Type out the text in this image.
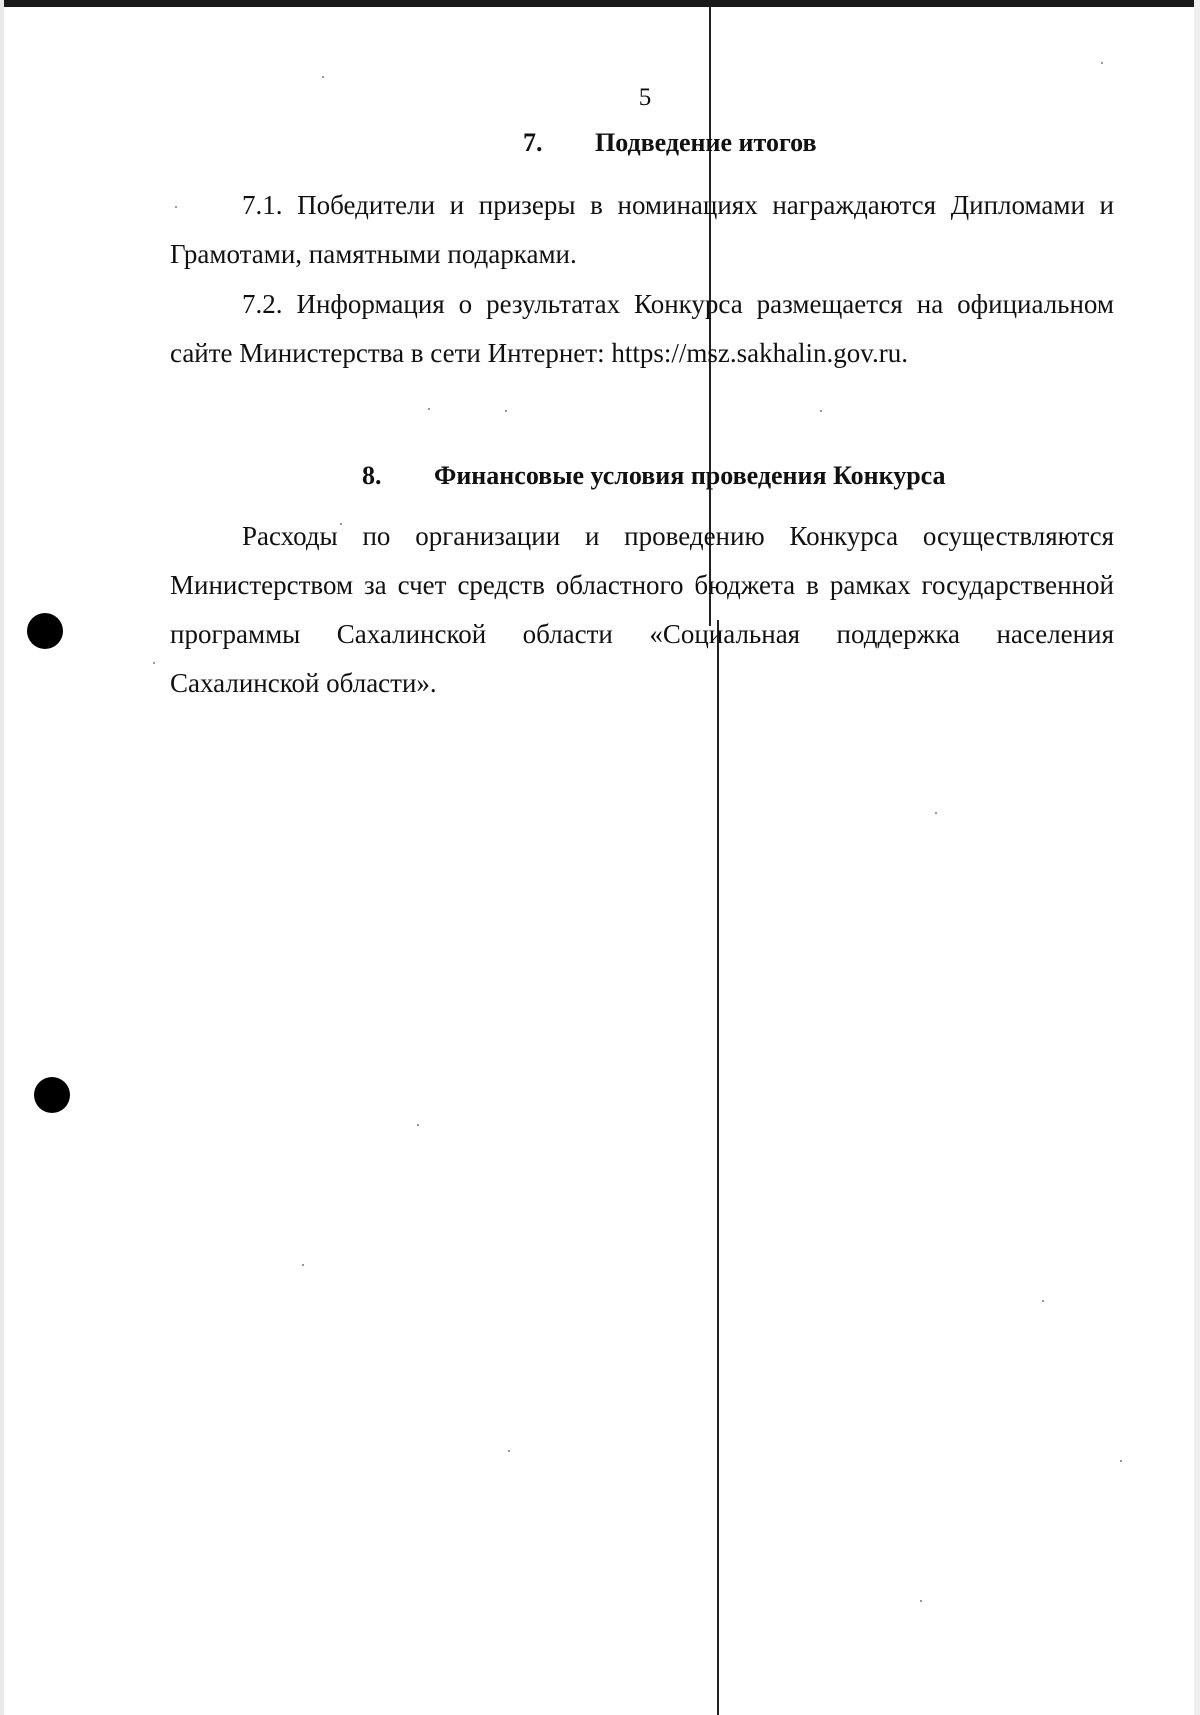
5
7. Подведение итогов

7.1. Победители и призеры в номинациях награждаются Дипломами и Грамотами, памятными подарками.

7.2. Информация о результатах Конкурса размещается на официальном сайте Министерства в сети Интернет: https://msz.sakhalin.gov.ru.

8. Финансовые условия проведения Конкурса

Расходы по организации и проведению Конкурса осуществляются Министерством за счет средств областного бюджета в рамках государственной программы Сахалинской области «Социальная поддержка населения Сахалинской области».
